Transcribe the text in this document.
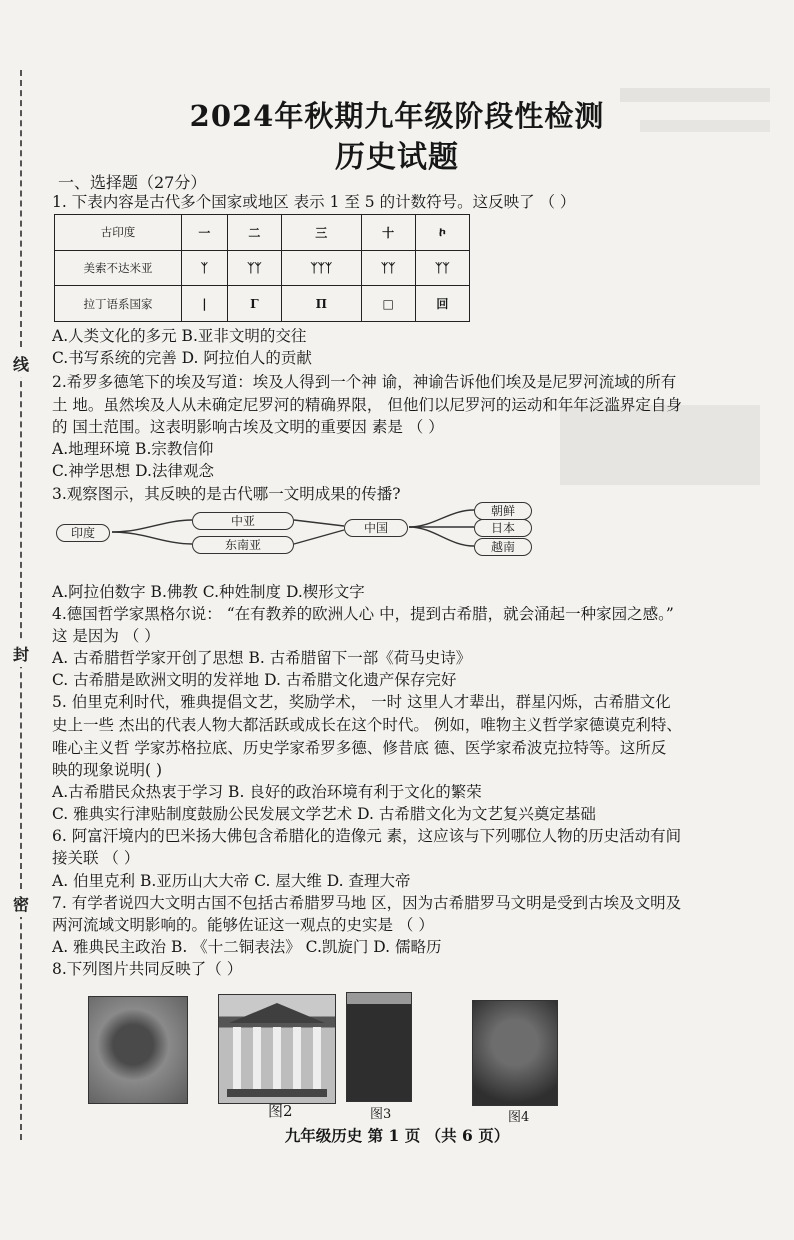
线
封
密
2024年秋期九年级阶段性检测
历史试题
一、选择题（27分）
1. 下表内容是古代多个国家或地区 表示 1 至 5 的计数符号。这反映了 （ ）
古印度	一	二	三	十	ኮ
美索不达米亚	ᛉ	ᛉᛉ	ᛉᛉᛉ	ᛉᛉ	ᛉᛉ
拉丁语系国家	|	Γ	Π	□	回
A.人类文化的多元 B.亚非文明的交往
C.书写系统的完善 D. 阿拉伯人的贡献
2.希罗多德笔下的埃及写道：埃及人得到一个神 谕，神谕告诉他们埃及是尼罗河流域的所有
土 地。虽然埃及人从未确定尼罗河的精确界限， 但他们以尼罗河的运动和年年泛滥界定自身
的 国土范围。这表明影响古埃及文明的重要因 素是 （ ）
A.地理环境 B.宗教信仰
C.神学思想 D.法律观念
3.观察图示，其反映的是古代哪一文明成果的传播?
印度
中亚
东南亚
中国
朝鲜
日本
越南
A.阿拉伯数字 B.佛教 C.种姓制度 D.楔形文字
4.德国哲学家黑格尔说： “在有教养的欧洲人心 中，提到古希腊，就会涌起一种家园之感。”
这 是因为 （ ）
A. 古希腊哲学家开创了思想 B. 古希腊留下一部《荷马史诗》
C. 古希腊是欧洲文明的发祥地 D. 古希腊文化遗产保存完好
5. 伯里克利时代，雅典提倡文艺，奖励学术， 一时 这里人才辈出，群星闪烁，古希腊文化
史上一些 杰出的代表人物大都活跃或成长在这个时代。 例如，唯物主义哲学家德谟克利特、
唯心主义哲 学家苏格拉底、历史学家希罗多德、修昔底 德、医学家希波克拉特等。这所反
映的现象说明( )
A.古希腊民众热衷于学习 B. 良好的政治环境有利于文化的繁荣
C. 雅典实行津贴制度鼓励公民发展文学艺术 D. 古希腊文化为文艺复兴奠定基础
6. 阿富汗境内的巴米扬大佛包含希腊化的造像元 素，这应该与下列哪位人物的历史活动有间
接关联 （ ）
A. 伯里克利 B.亚历山大大帝 C. 屋大维 D. 查理大帝
7. 有学者说四大文明古国不包括古希腊罗马地 区，因为古希腊罗马文明是受到古埃及文明及
两河流域文明影响的。能够佐证这一观点的史实是 （ ）
A. 雅典民主政治 B. 《十二铜表法》 C.凯旋门 D. 儒略历
8.下列图片共同反映了（ ）
图2	图3	图4
九年级历史 第 1 页 （共 6 页）
